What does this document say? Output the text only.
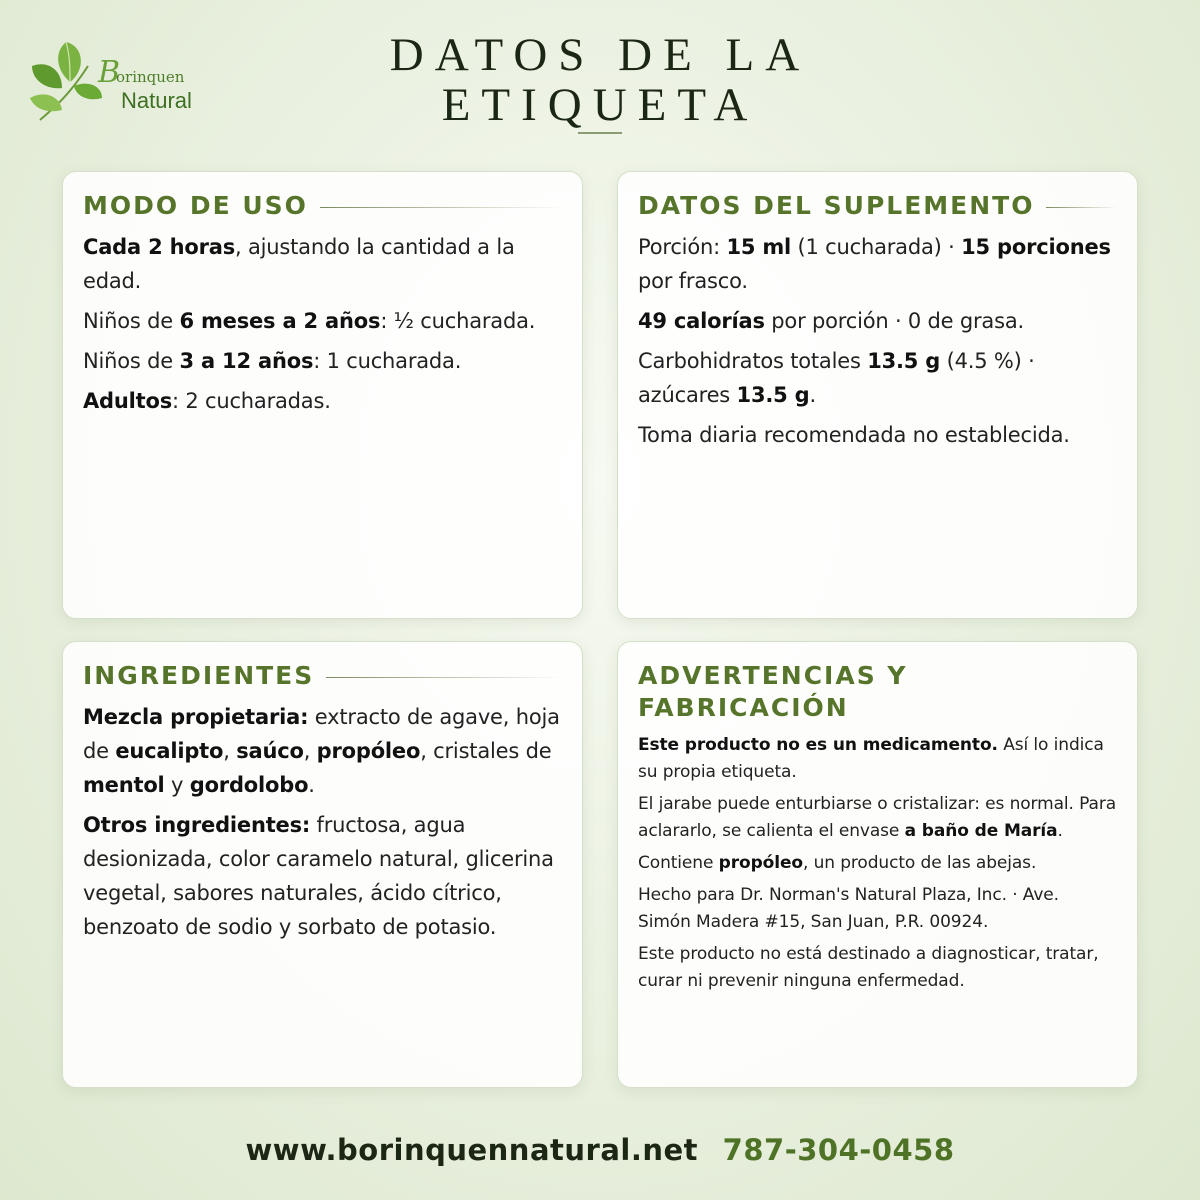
B
orinquen
Natural
DATOS DE LA
ETIQUETA
MODO DE USO

Cada 2 horas, ajustando la cantidad a la edad.

Niños de 6 meses a 2 años: ½ cucharada.

Niños de 3 a 12 años: 1 cucharada.

Adultos: 2 cucharadas.

DATOS DEL SUPLEMENTO

Porción: 15 ml (1 cucharada) · 15 porciones por frasco.

49 calorías por porción · 0 de grasa.

Carbohidratos totales 13.5 g (4.5 %) · azúcares 13.5 g.

Toma diaria recomendada no establecida.

INGREDIENTES

Mezcla propietaria: extracto de agave, hoja de eucalipto, saúco, propóleo, cristales de mentol y gordolobo.

Otros ingredientes: fructosa, agua desionizada, color caramelo natural, glicerina vegetal, sabores naturales, ácido cítrico, benzoato de sodio y sorbato de potasio.

ADVERTENCIAS Y FABRICACIÓN

Este producto no es un medicamento. Así lo indica su propia etiqueta.

El jarabe puede enturbiarse o cristalizar: es normal. Para aclararlo, se calienta el envase a baño de María.

Contiene propóleo, un producto de las abejas.

Hecho para Dr. Norman's Natural Plaza, Inc. · Ave. Simón Madera #15, San Juan, P.R. 00924.

Este producto no está destinado a diagnosticar, tratar, curar ni prevenir ninguna enfermedad.

www.borinquennatural.net 787-304-0458
